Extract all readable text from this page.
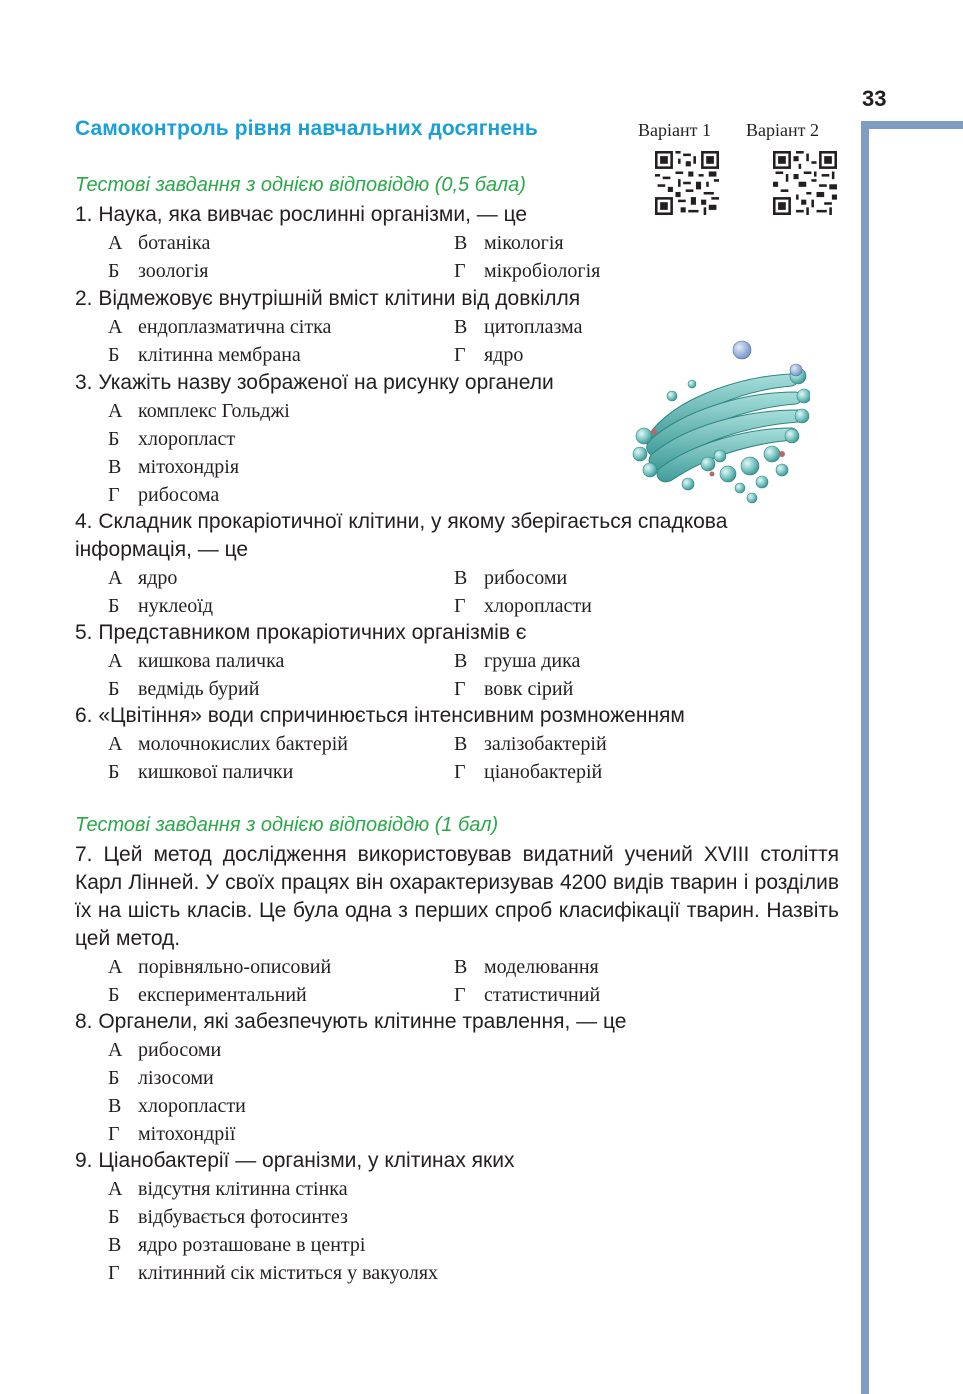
33
Самоконтроль рівня навчальних досягнень	Варіант 1 Варіант 2
Тестові завдання з однією відповіддю (0,5 бала)
1. Наука, яка вивчає рослинні організми, — це
А ботаніка	В мікологія
Б зоологія	Г мікробіологія
2. Відмежовує внутрішній вміст клітини від довкілля
А ендоплазматична сітка	В цитоплазма
Б клітинна мембрана	Г ядро
3. Укажіть назву зображеної на рисунку органели
А комплекс Гольджі
Б хлоропласт
В мітохондрія
Г рибосома
4. Складник прокаріотичної клітини, у якому зберігається спадкова інформація, — це
А ядро	В рибосоми
Б нуклеоїд	Г хлоропласти
5. Представником прокаріотичних організмів є
А кишкова паличка	В груша дика
Б ведмідь бурий	Г вовк сірий
6. «Цвітіння» води спричинюється інтенсивним розмноженням
А молочнокислих бактерій	В залізобактерій
Б кишкової палички	Г ціанобактерій
Тестові завдання з однією відповіддю (1 бал)
7. Цей метод дослідження використовував видатний учений XVIII століття Карл Лінней. У своїх працях він охарактеризував 4200 видів тварин і розділив їх на шість класів. Це була одна з перших спроб класифікації тварин. Назвіть цей метод.
А порівняльно-описовий	В моделювання
Б експериментальний	Г статистичний
8. Органели, які забезпечують клітинне травлення, — це
А рибосоми
Б лізосоми
В хлоропласти
Г мітохондрії
9. Ціанобактерії — організми, у клітинах яких
А відсутня клітинна стінка
Б відбувається фотосинтез
В ядро розташоване в центрі
Г клітинний сік міститься у вакуолях
